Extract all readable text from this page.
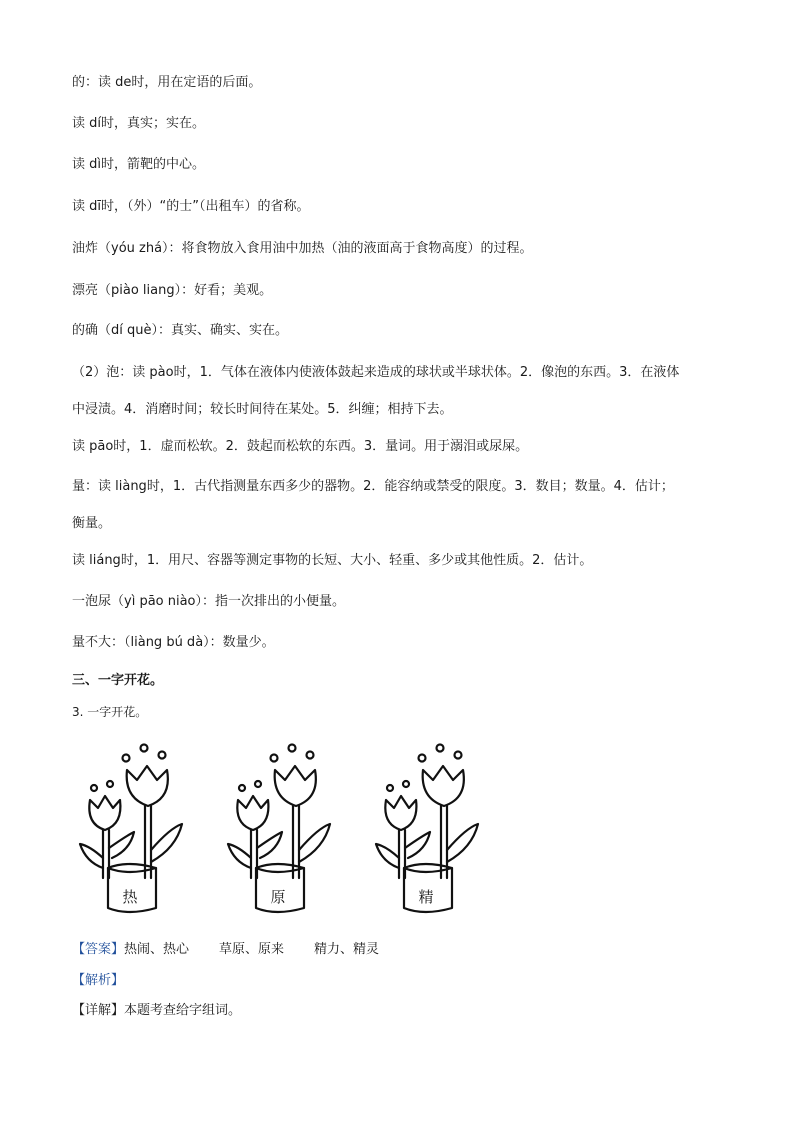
的：读 de时，用在定语的后面。
读 dí时，真实；实在。
读 dì时，箭靶的中心。
读 dī时，（外）“的士”（出租车）的省称。
油炸（yóu zhá）：将食物放入食用油中加热（油的液面高于食物高度）的过程。
漂亮（piào liang）：好看；美观。
的确（dí què）：真实、确实、实在。
（2）泡：读 pào时，1．气体在液体内使液体鼓起来造成的球状或半球状体。2．像泡的东西。3．在液体
中浸渍。4．消磨时间；较长时间待在某处。5．纠缠；相持下去。
读 pāo时，1．虚而松软。2．鼓起而松软的东西。3．量词。用于溺泪或尿屎。
量：读 liàng时，1．古代指测量东西多少的器物。2．能容纳或禁受的限度。3．数目；数量。4．估计；
衡量。
读 liáng时，1．用尺、容器等测定事物的长短、大小、轻重、多少或其他性质。2．估计。
一泡尿（yì pāo niào）：指一次排出的小便量。
量不大：（liàng bú dà）：数量少。
三、一字开花。
3. 一字开花。
热	原	精
【答案】热闹、热心 草原、原来 精力、精灵
【解析】
【详解】本题考查给字组词。
